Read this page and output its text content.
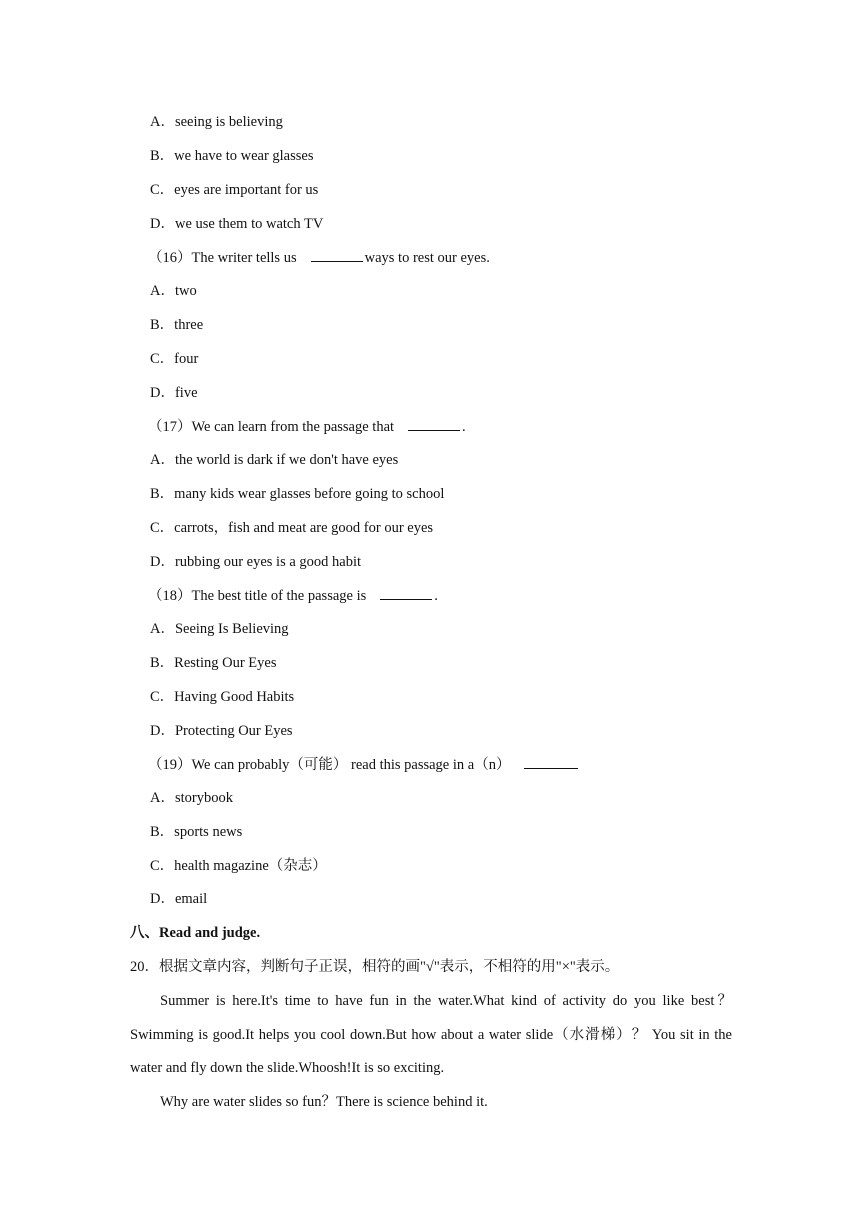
A．seeing is believing
B．we have to wear glasses
C．eyes are important for us
D．we use them to watch TV
（16）The writer tells us	ways to rest our eyes.
A．two
B．three
C．four
D．five
（17）We can learn from the passage that	.
A．the world is dark if we don't have eyes
B．many kids wear glasses before going to school
C．carrots，fish and meat are good for our eyes
D．rubbing our eyes is a good habit
（18）The best title of the passage is	.
A．Seeing Is Believing
B．Resting Our Eyes
C．Having Good Habits
D．Protecting Our Eyes
（19）We can probably（可能） read this passage in a（n）
A．storybook
B．sports news
C．health magazine（杂志）
D．email
八、Read and judge.
20．根据文章内容，判断句子正误，相符的画"√"表示，不相符的用"×"表示。
Summer is here.It's time to have fun in the water.What kind of activity do you like best？
Swimming is good.It helps you cool down.But how about a water slide（水滑梯）？ You sit in the
water and fly down the slide.Whoosh!It is so exciting.
Why are water slides so fun？There is science behind it.
